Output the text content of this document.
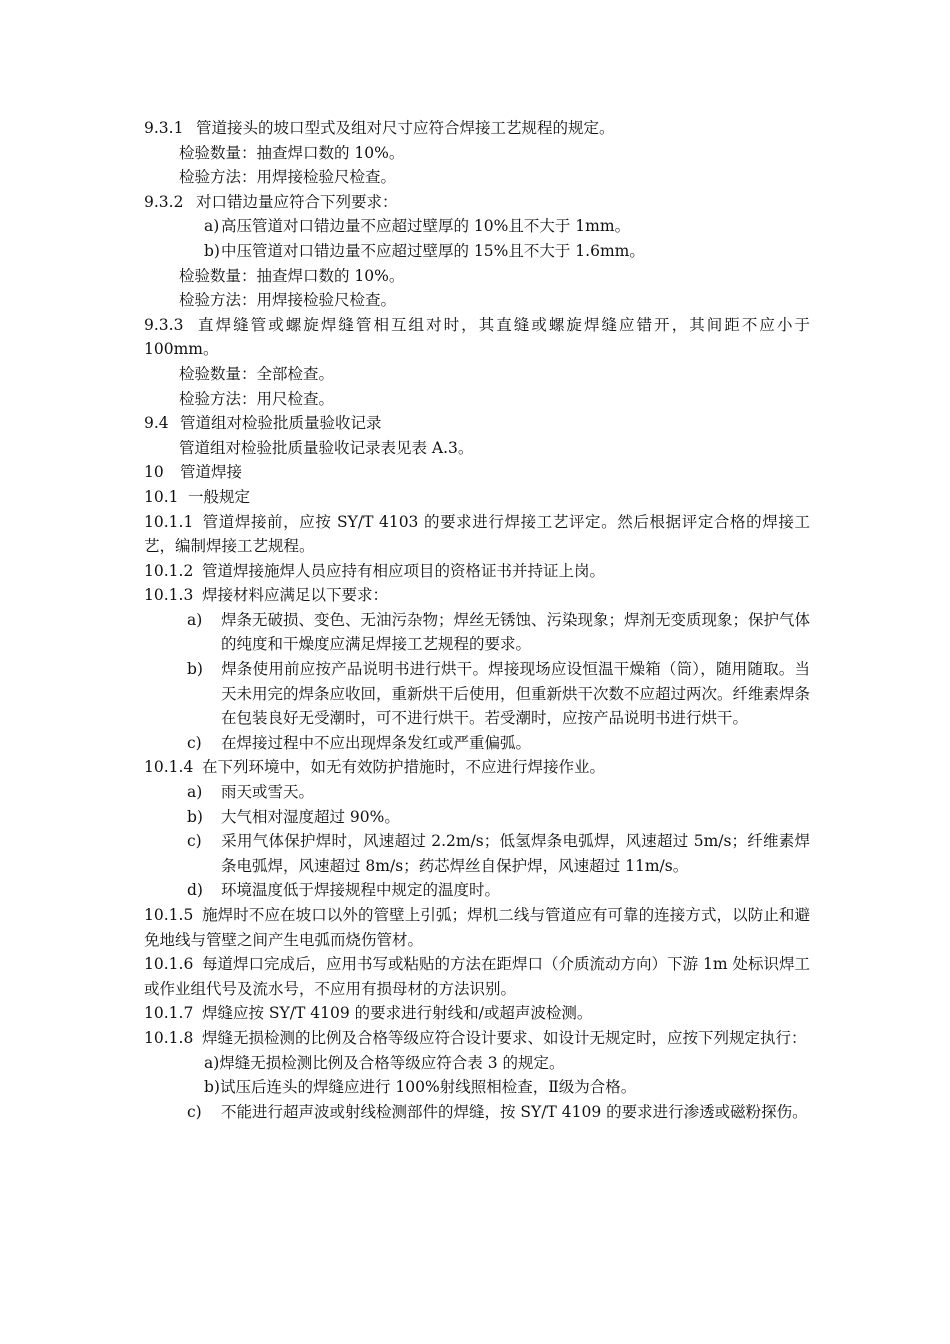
9.3.1 管道接头的坡口型式及组对尺寸应符合焊接工艺规程的规定。
检验数量：抽查焊口数的 10%。
检验方法：用焊接检验尺检查。
9.3.2 对口错边量应符合下列要求：
a) 高压管道对口错边量不应超过壁厚的 10%且不大于 1mm。
b)中压管道对口错边量不应超过壁厚的 15%且不大于 1.6mm。
检验数量：抽查焊口数的 10%。
检验方法：用焊接检验尺检查。
9.3.3 直焊缝管或螺旋焊缝管相互组对时，其直缝或螺旋焊缝应错开，其间距不应小于 100mm。
检验数量：全部检查。
检验方法：用尺检查。
9.4 管道组对检验批质量验收记录
管道组对检验批质量验收记录表见表 A.3。
10 管道焊接
10.1 一般规定
10.1.1 管道焊接前，应按 SY/T 4103 的要求进行焊接工艺评定。然后根据评定合格的焊接工艺，编制焊接工艺规程。
10.1.2 管道焊接施焊人员应持有相应项目的资格证书并持证上岗。
10.1.3 焊接材料应满足以下要求：
a) 焊条无破损、变色、无油污杂物；焊丝无锈蚀、污染现象；焊剂无变质现象；保护气体的纯度和干燥度应满足焊接工艺规程的要求。
b) 焊条使用前应按产品说明书进行烘干。焊接现场应设恒温干燥箱（筒），随用随取。当天未用完的焊条应收回，重新烘干后使用，但重新烘干次数不应超过两次。纤维素焊条在包装良好无受潮时，可不进行烘干。若受潮时，应按产品说明书进行烘干。
c) 在焊接过程中不应出现焊条发红或严重偏弧。
10.1.4 在下列环境中，如无有效防护措施时，不应进行焊接作业。
a) 雨天或雪天。
b) 大气相对湿度超过 90%。
c) 采用气体保护焊时，风速超过 2.2m/s；低氢焊条电弧焊，风速超过 5m/s；纤维素焊条电弧焊，风速超过 8m/s；药芯焊丝自保护焊，风速超过 11m/s。
d) 环境温度低于焊接规程中规定的温度时。
10.1.5 施焊时不应在坡口以外的管壁上引弧；焊机二线与管道应有可靠的连接方式，以防止和避免地线与管壁之间产生电弧而烧伤管材。
10.1.6 每道焊口完成后，应用书写或粘贴的方法在距焊口（介质流动方向）下游 1m 处标识焊工或作业组代号及流水号，不应用有损母材的方法识别。
10.1.7 焊缝应按 SY/T 4109 的要求进行射线和/或超声波检测。
10.1.8 焊缝无损检测的比例及合格等级应符合设计要求、如设计无规定时，应按下列规定执行：
a)焊缝无损检测比例及合格等级应符合表 3 的规定。
b)试压后连头的焊缝应进行 100%射线照相检查，Ⅱ级为合格。
c) 不能进行超声波或射线检测部件的焊缝，按 SY/T 4109 的要求进行渗透或磁粉探伤。
